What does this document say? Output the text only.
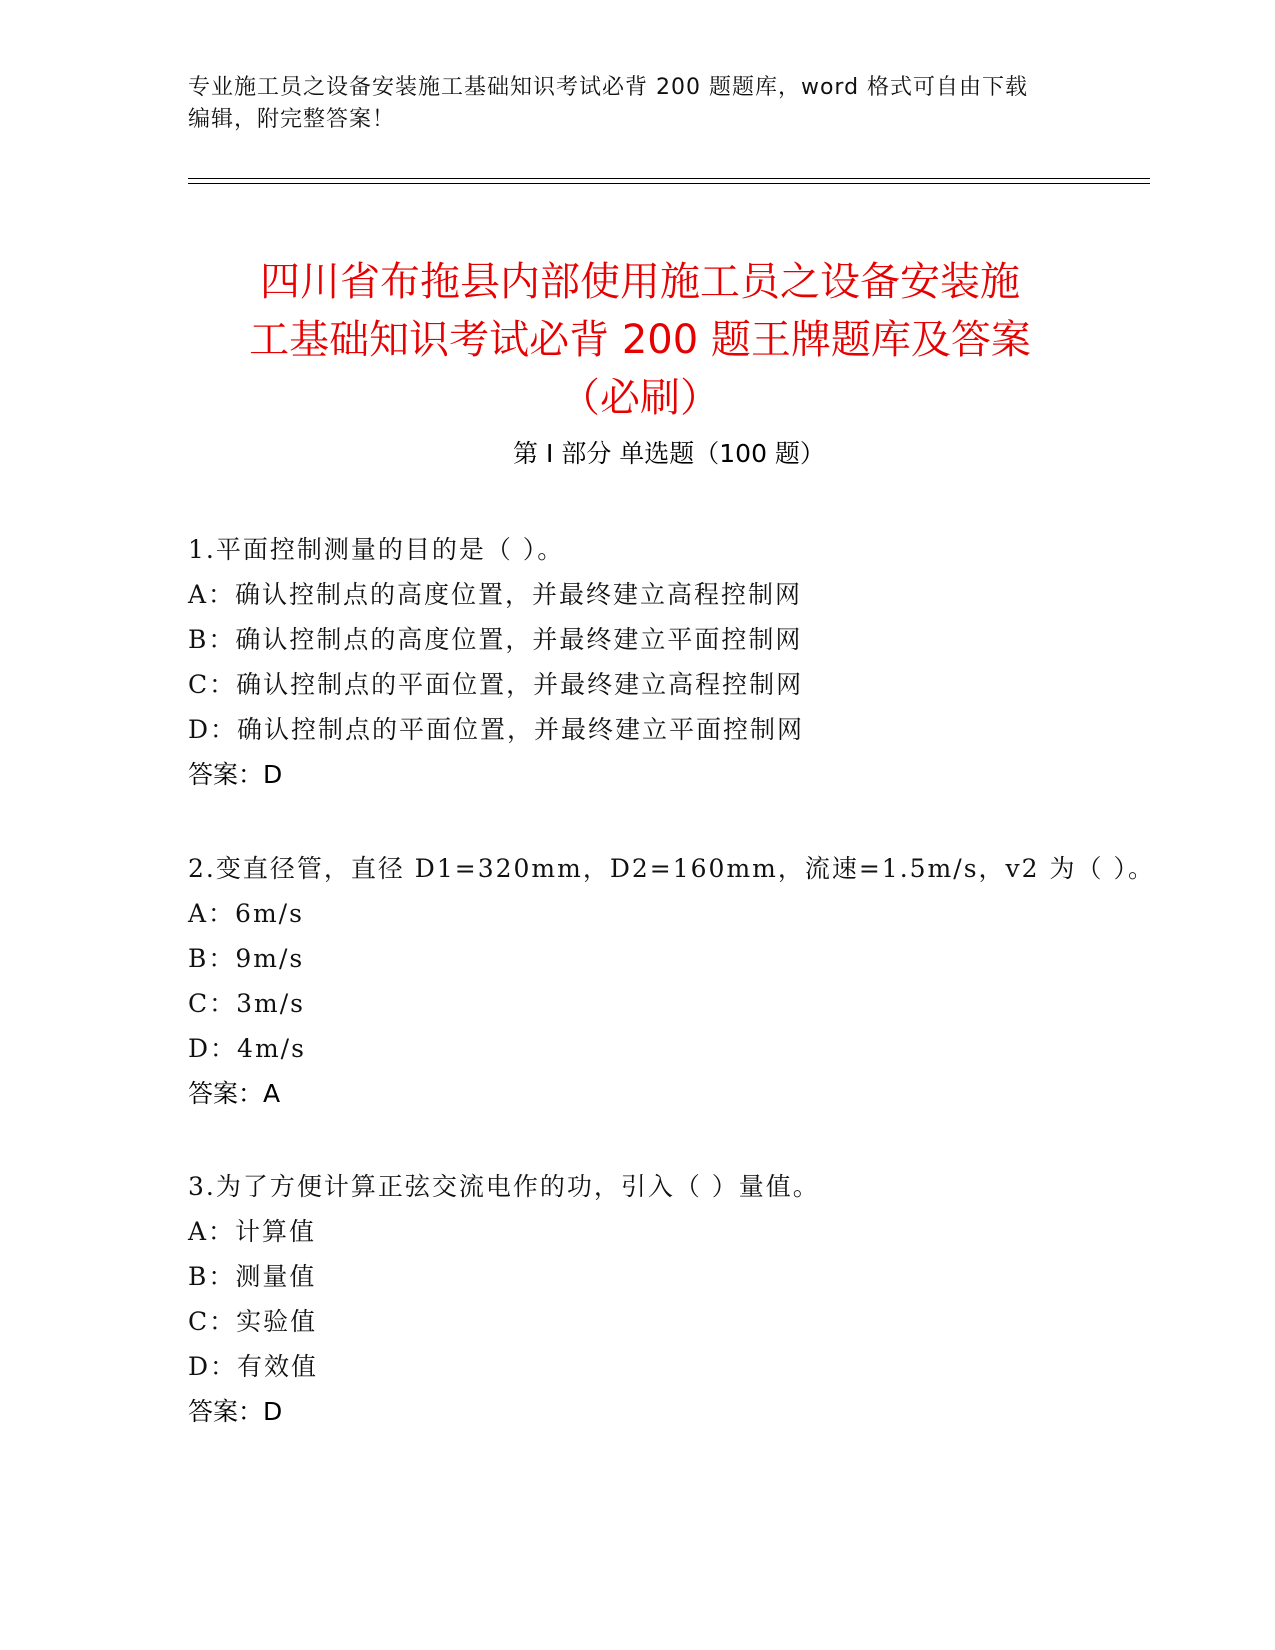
专业施工员之设备安装施工基础知识考试必背 200 题题库，word 格式可自由下载
编辑，附完整答案！
四川省布拖县内部使用施工员之设备安装施
工基础知识考试必背 200 题王牌题库及答案
（必刷）
第 I 部分 单选题（100 题）
1.平面控制测量的目的是（ ）。
A：确认控制点的高度位置，并最终建立高程控制网
B：确认控制点的高度位置，并最终建立平面控制网
C：确认控制点的平面位置，并最终建立高程控制网
D：确认控制点的平面位置，并最终建立平面控制网
答案：D
2.变直径管，直径 D1=320mm，D2=160mm，流速=1.5m/s，v2 为（ ）。
A：6m/s
B：9m/s
C：3m/s
D：4m/s
答案：A
3.为了方便计算正弦交流电作的功，引入（ ）量值。
A：计算值
B：测量值
C：实验值
D：有效值
答案：D
